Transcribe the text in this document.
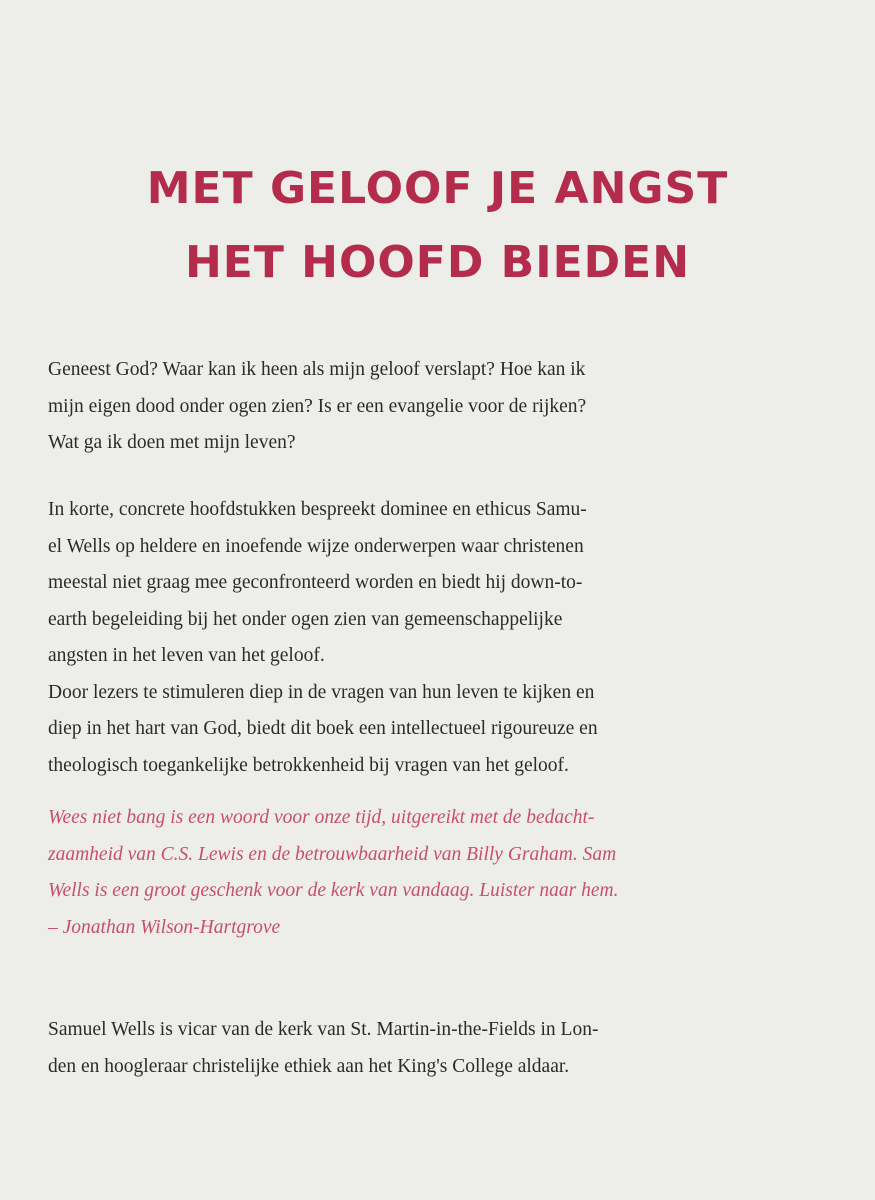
MET GELOOF JE ANGST
HET HOOFD BIEDEN
Geneest God? Waar kan ik heen als mijn geloof verslapt? Hoe kan ik
mijn eigen dood onder ogen zien? Is er een evangelie voor de rijken?
Wat ga ik doen met mijn leven?
In korte, concrete hoofdstukken bespreekt dominee en ethicus Samu-
el Wells op heldere en inoefende wijze onderwerpen waar christenen
meestal niet graag mee geconfronteerd worden en biedt hij down-to-
earth begeleiding bij het onder ogen zien van gemeenschappelijke
angsten in het leven van het geloof.
Door lezers te stimuleren diep in de vragen van hun leven te kijken en
diep in het hart van God, biedt dit boek een intellectueel rigoureuze en
theologisch toegankelijke betrokkenheid bij vragen van het geloof.
Wees niet bang is een woord voor onze tijd, uitgereikt met de bedacht-
zaamheid van C.S. Lewis en de betrouwbaarheid van Billy Graham. Sam
Wells is een groot geschenk voor de kerk van vandaag. Luister naar hem.
– Jonathan Wilson-Hartgrove
Samuel Wells is vicar van de kerk van St. Martin-in-the-Fields in Lon-
den en hoogleraar christelijke ethiek aan het King's College aldaar.
